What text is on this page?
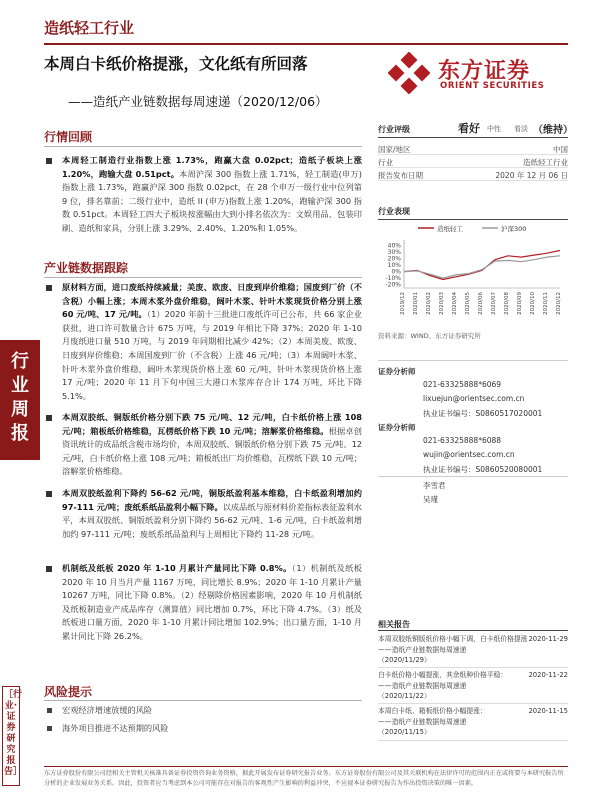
造纸轻工行业
本周白卡纸价格提涨，文化纸有所回落
——造纸产业链数据每周速递（2020/12/06）
东方证券
ORIENT SECURITIES
行业周报
［行业·证券研究报告］
行情回顾
本周轻工制造行业指数上涨 1.73%，跑赢大盘 0.02pct；造纸子板块上涨 1.20%，跑输大盘 0.51pct。本周沪深 300 指数上涨 1.71%，轻工制造(申万)指数上涨 1.73%，跑赢沪深 300 指数 0.02pct，在 28 个申万一级行业中位列第 9 位，排名靠前；二级行业中，造纸 II (申万)指数上涨 1.20%，跑输沪深 300 指数 0.51pct。本周轻工四大子板块按涨幅由大到小排名依次为：文娱用品、包装印刷、造纸和家具，分别上涨 3.29%、2.40%、1.20%和 1.05%。
产业链数据跟踪
原材料方面，进口废纸持续减量；美废、欧废、日废到岸价维稳；国废到厂价（不含税）小幅上涨；本周木浆外盘价维稳，阔叶木浆、针叶木浆现货价格分别上涨 60 元/吨、17 元/吨。（1）2020 年前十三批进口废纸许可已公布，共 66 家企业获批，进口许可数量合计 675 万吨，与 2019 年相比下降 37%；2020 年 1-10 月废纸进口量 510 万吨，与 2019 年同期相比减少 42%；（2）本周美废、欧废、日废到岸价维稳；本周国废到厂价（不含税）上涨 46 元/吨；（3）本周阔叶木浆、针叶木浆外盘价维稳，阔叶木浆现货价格上涨 60 元/吨，针叶木浆现货价格上涨 17 元/吨；2020 年 11 月下旬中国三大港口木浆库存合计 174 万吨，环比下降 5.1%。
本周双胶纸、铜版纸价格分别下跌 75 元/吨、12 元/吨，白卡纸价格上涨 108 元/吨；箱板纸价格维稳，瓦楞纸价格下跌 10 元/吨；溶解浆价格维稳。根据卓创资讯统计的成品纸含税市场均价，本周双胶纸、铜版纸价格分别下跌 75 元/吨、12 元/吨，白卡纸价格上涨 108 元/吨；箱板纸出厂均价维稳，瓦楞纸下跌 10 元/吨；溶解浆价格维稳。
本周双胶纸盈利下降约 56-62 元/吨，铜版纸盈利基本维稳，白卡纸盈利增加约 97-111 元/吨；废纸系纸品盈利小幅下降。以成品纸与原材料价差指标表征盈利水平，本周双胶纸、铜版纸盈利分别下降约 56-62 元/吨、1-6 元/吨，白卡纸盈利增加约 97-111 元/吨；废纸系纸品盈利与上周相比下降约 11-28 元/吨。
机制纸及纸板 2020 年 1-10 月累计产量同比下降 0.8%。（1）机制纸及纸板 2020 年 10 月当月产量 1167 万吨，同比增长 8.9%；2020 年 1-10 月累计产量 10267 万吨，同比下降 0.8%。（2）经剔除价格因素影响，2020 年 10 月机制纸及纸板制造业产成品库存（测算值）同比增加 0.7%，环比下降 4.7%。（3）纸及纸板进口量方面，2020 年 1-10 月累计同比增加 102.9%；出口量方面，1-10 月累计同比下降 26.2%。
风险提示
宏观经济增速放缓的风险
海外项目推进不达预期的风险
行业评级	看好 中性 看淡 （维持）
国家/地区	中国
行业	造纸轻工行业
报告发布日期	2020 年 12 月 06 日
行业表现
造纸轻工	沪深300
40%
30%
20%
10%
0%
-10%
-20%
2019/12 2020/01 2020/02 2020/03 2020/04 2020/05 2020/06 2020/07 2020/08 2020/09 2020/10 2020/11 2020/12
资料来源：WIND、东方证券研究所
证券分析师
021-63325888*6069
lixuejun@orientsec.com.cn
执业证书编号：S0860517020001
证券分析师
021-63325888*6088
wujin@orientsec.com.cn
执业证书编号：S0860520080001
李雪君
吴瑾
相关报告
本周双胶纸铜版纸价格小幅下调，白卡纸价格提涨
——造纸产业链数据每周速递
（2020/11/29）
2020-11-29
白卡纸价格小幅提涨，其余纸种价格平稳：
——造纸产业链数据每周速递
（2020/11/22）
2020-11-22
本周白卡纸、箱板纸价格小幅提涨：
——造纸产业链数据每周速递
（2020/11/15）
2020-11-15
东方证券股份有限公司经相关主管机关核准具备证券投资咨询业务资格，据此开展发布证券研究报告业务。东方证券股份有限公司及其关联机构在法律许可的范围内正在或将要与本研究报告所分析的企业发展业务关系。因此，投资者应当考虑到本公司可能存在对报告的客观性产生影响的利益冲突，不应视本证券研究报告为作出投资决策的唯一因素。
